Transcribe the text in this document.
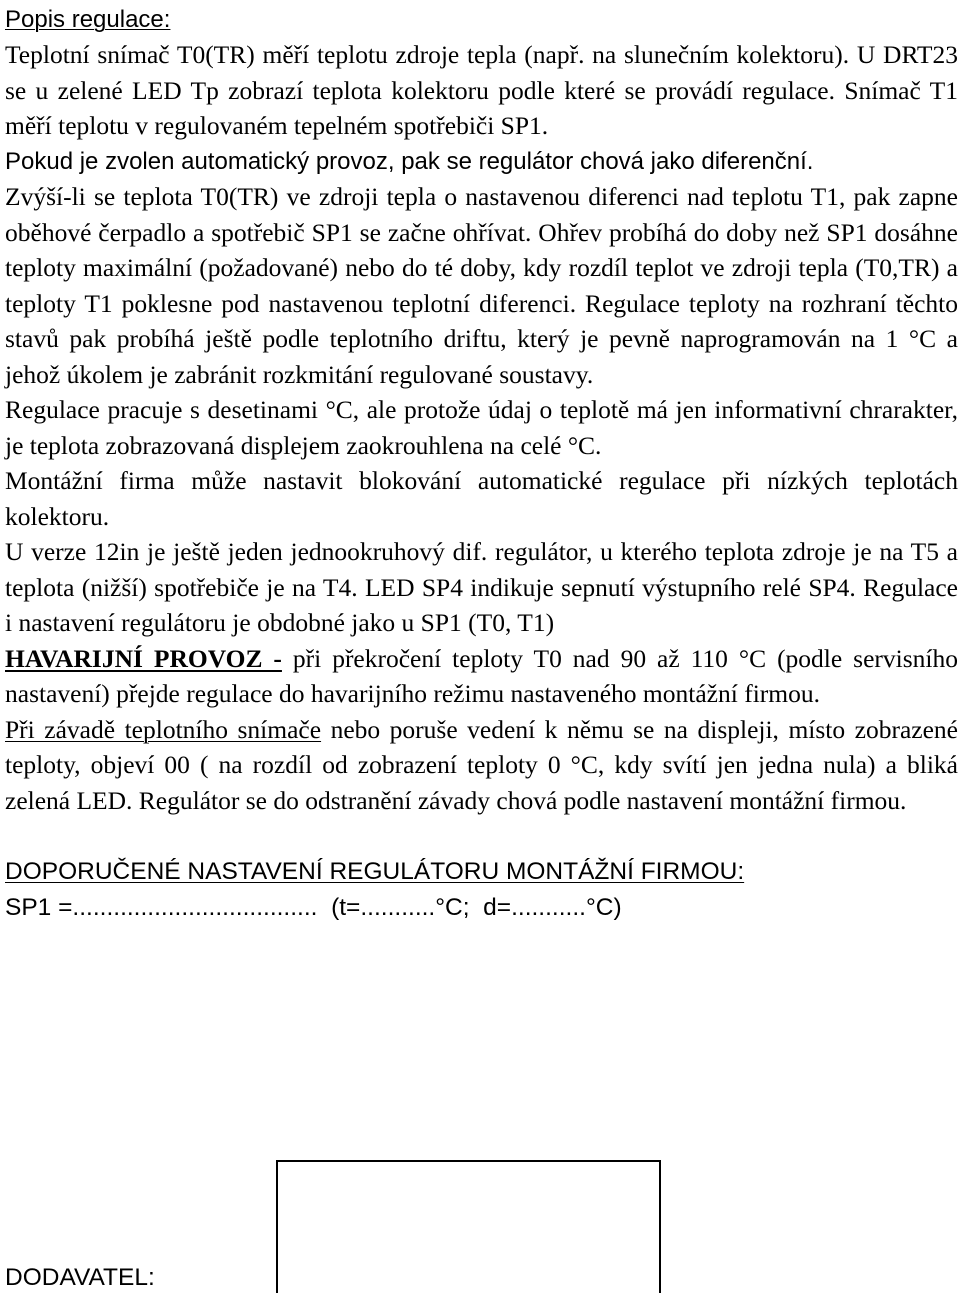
Popis regulace:

Teplotní snímač T0(TR) měří teplotu zdroje tepla (např. na slunečním kolektoru). U DRT23 se u zelené LED Tp zobrazí teplota kolektoru podle které se provádí regulace. Snímač T1 měří teplotu v regulovaném tepelném spotřebiči SP1.

Pokud je zvolen automatický provoz, pak se regulátor chová jako diferenční.

Zvýší-li se teplota T0(TR) ve zdroji tepla o nastavenou diferenci nad teplotu T1, pak zapne oběhové čerpadlo a spotřebič SP1 se začne ohřívat. Ohřev probíhá do doby než SP1 dosáhne teploty maximální (požadované) nebo do té doby, kdy rozdíl teplot ve zdroji tepla (T0,TR) a teploty T1 poklesne pod nastavenou teplotní diferenci. Regulace teploty na rozhraní těchto stavů pak probíhá ještě podle teplotního driftu, který je pevně naprogramován na 1 °C a jehož úkolem je zabránit rozkmitání regulované soustavy.

Regulace pracuje s desetinami °C, ale protože údaj o teplotě má jen informativní chrarakter, je teplota zobrazovaná displejem zaokrouhlena na celé °C.

Montážní firma může nastavit blokování automatické regulace při nízkých teplotách kolektoru.

U verze 12in je ještě jeden jednookruhový dif. regulátor, u kterého teplota zdroje je na T5 a teplota (nižší) spotřebiče je na T4. LED SP4 indikuje sepnutí výstupního relé SP4. Regulace i nastavení regulátoru je obdobné jako u SP1 (T0, T1)

HAVARIJNÍ PROVOZ - při překročení teploty T0 nad 90 až 110 °C (podle servisního nastavení) přejde regulace do havarijního režimu nastaveného montážní firmou.

Při závadě teplotního snímače nebo poruše vedení k němu se na displeji, místo zobrazené teploty, objeví 00 ( na rozdíl od zobrazení teploty 0 °C, kdy svítí jen jedna nula) a bliká zelená LED. Regulátor se do odstranění závady chová podle nastavení montážní firmou.

DOPORUČENÉ NASTAVENÍ REGULÁTORU MONTÁŽNÍ FIRMOU:

SP1 =....................................  (t=...........°C;  d=...........°C)

DODAVATEL:
